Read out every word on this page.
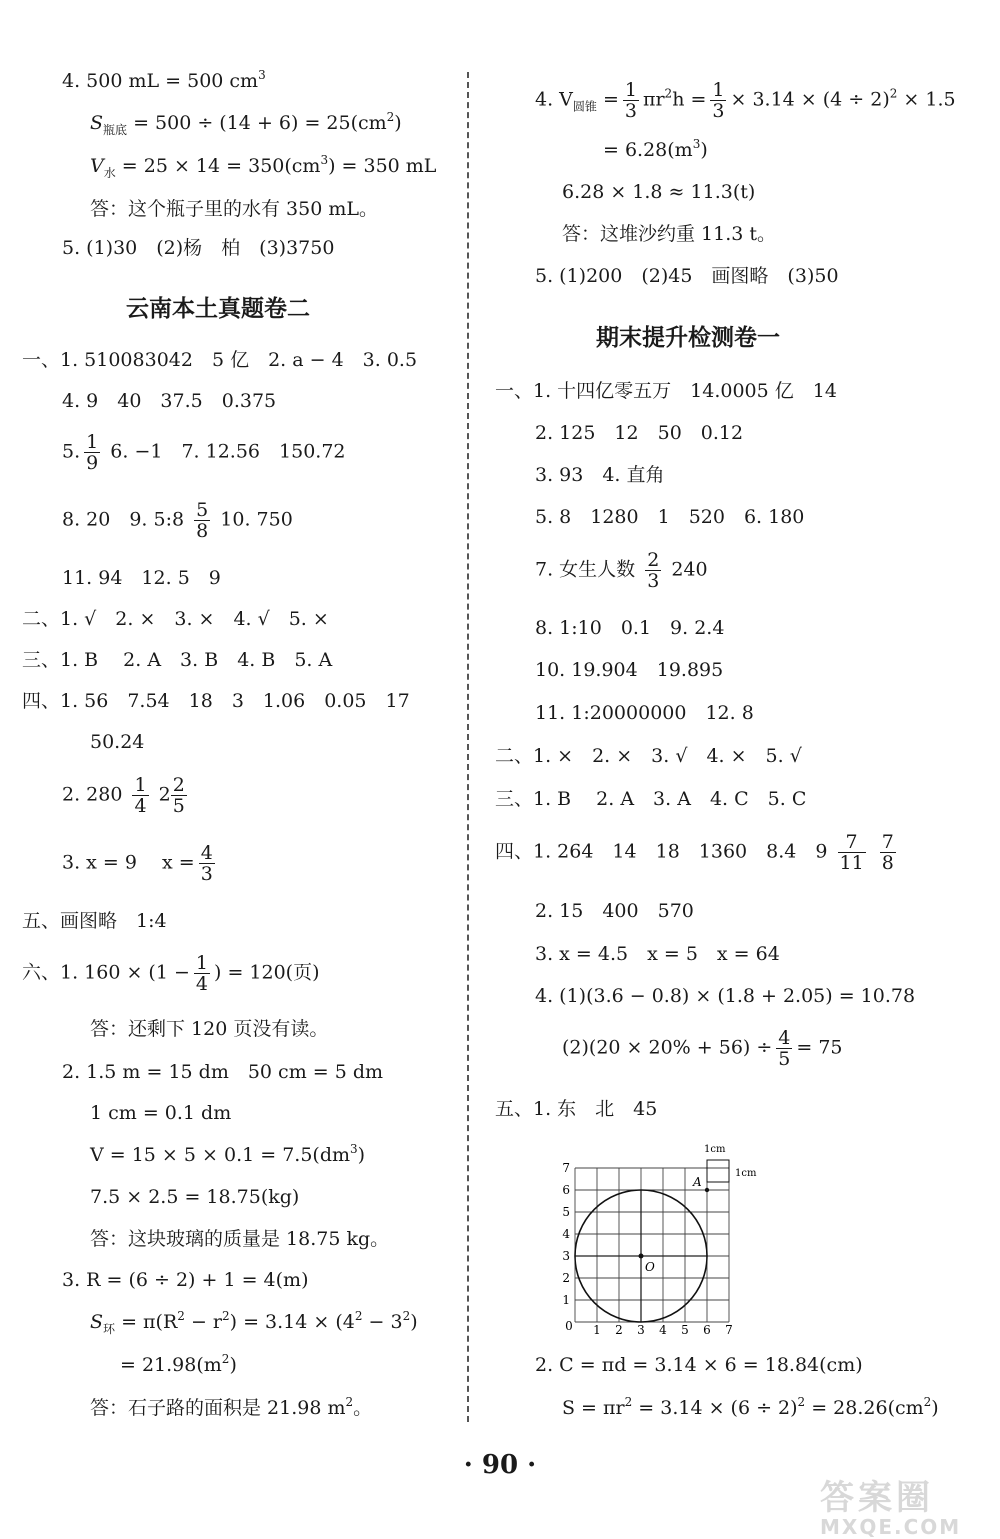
4. 500 mL = 500 $cm^3$
$S_{瓶底} = 500 \div (14 + 6) = 25(cm^2)$
$V_水 = 25 \times 14 = 350(cm^3) = 350$ mL
答：这个瓶子里的水有 350 mL。
5. (1)30　(2)杨　柏　(3)3750
云南本土真题卷二
一、1. 510083042　5 亿　2. a − 4　3. 0.5
4. 9　40　37.5　0.375
5. $\frac{1}{9} 6$. −1　7. 12.56　150.72
8. 20　9. 5:8 $\frac{5}{8} 10$. 750
11. 94　12. 5　9
二、1. √　2. ×　3. ×　4. √　5. ×
三、1. B　 2. A　3. B　4. B　5. A
四、1. 56　7.54　18　3　1.06　0.05　17
50.24
2. $280 \frac{1}{4} 2 \frac{2}{5}$
3. x = 9　 $x = \frac{4}{3}$
五、画图略　1:4
六、1. $160 \times (1 - \frac{1}{4}$ ) = 120(页)
答：还剩下 120 页没有读。
2. 1.5 m = 15 dm　50 cm = 5 dm
1 cm = 0.1 dm
$V = 15 \times 5 \times 0.1 = 7.5(dm^3)$
7.5 × 2.5 = 18.75(kg)
答：这块玻璃的质量是 18.75 kg。
3. R = (6 ÷ 2) + 1 = 4(m)
$S_环 = \pi(R^2 - r^2) = 3.14 \times (4^2 - 3^2)$
= $21.98(m^2)$
答：石子路的面积是 21.98 $m^2$。
4. $V_{圆锥} = \frac{1}{3} \pi r^2h = \frac{1}{3} \times 3.14 \times (4 \div 2)^2 \times 1.5$
= $6.28(m^3)$
6.28 × 1.8 ≈ 11.3(t)
答：这堆沙约重 11.3 t。
5. (1)200　(2)45　画图略　(3)50
期末提升检测卷一
一、1. 十四亿零五万　14.0005 亿　14
2. 125　12　50　0.12
3. 93　4. 直角
5. 8　1280　1　520　6. 180
7. 女生人数 $\frac{2}{3} 240$
8. 1:10　0.1　9. 2.4
10. 19.904　19.895
11. 1:20000000　12. 8
二、1. ×　2. ×　3. √　4. ×　5. √
三、1. B　 2. A　3. A　4. C　5. C
四、1. 264　14　18　1360　8.4　$9 \frac{7}{11}$
$\frac{7}{8}$
2. 15　400　570
3. x = 4.5　x = 5　x = 64
4. (1)(3.6 − 0.8) × (1.8 + 2.05) = 10.78
$(2)(20 \times 20\% + 56) \div \frac{4}{5} = 75$
五、1. 东　北　45
A
O
1cm
1cm
0 1 2 3 4 5 6 7
1
2
3
4
5
6
7
2. C = πd = 3.14 × 6 = 18.84(cm)
$S = \pi r^2 = 3.14 \times (6 \div 2)^2 = 28.26(cm^2)$
· 90 ·
答案圈
MXQE.COM
